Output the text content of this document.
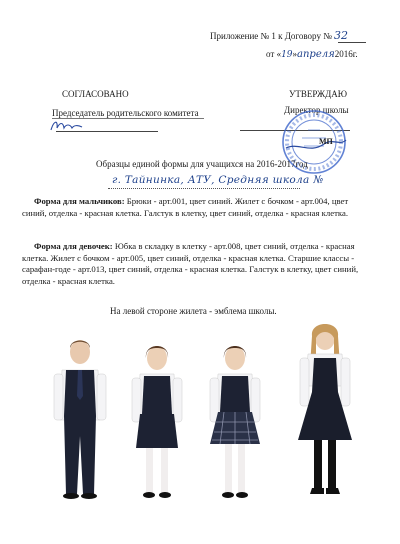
Приложение № 1 к Договору № 32
от «19»апреля2016г.
СОГЛАСОВАНО
Председатель родительского комитета
УТВЕРЖДАЮ
Директор школы
МП
Образцы единой формы для учащихся на 2016-2017год
г. Тайнинка, АТУ, Средняя школа №
Форма для мальчиков: Брюки - арт.001, цвет синий. Жилет с бочком - арт.004, цвет синий, отделка - красная клетка. Галстук в клетку, цвет синий, отделка - красная клетка.
Форма для девочек: Юбка в складку в клетку - арт.008, цвет синий, отделка - красная клетка. Жилет с бочком - арт.005, цвет синий, отделка - красная клетка. Старшие классы - сарафан-годе - арт.013, цвет синий, отделка - красная клетка. Галстук в клетку, цвет синий, отделка - красная клетка.
На левой стороне жилета - эмблема школы.
